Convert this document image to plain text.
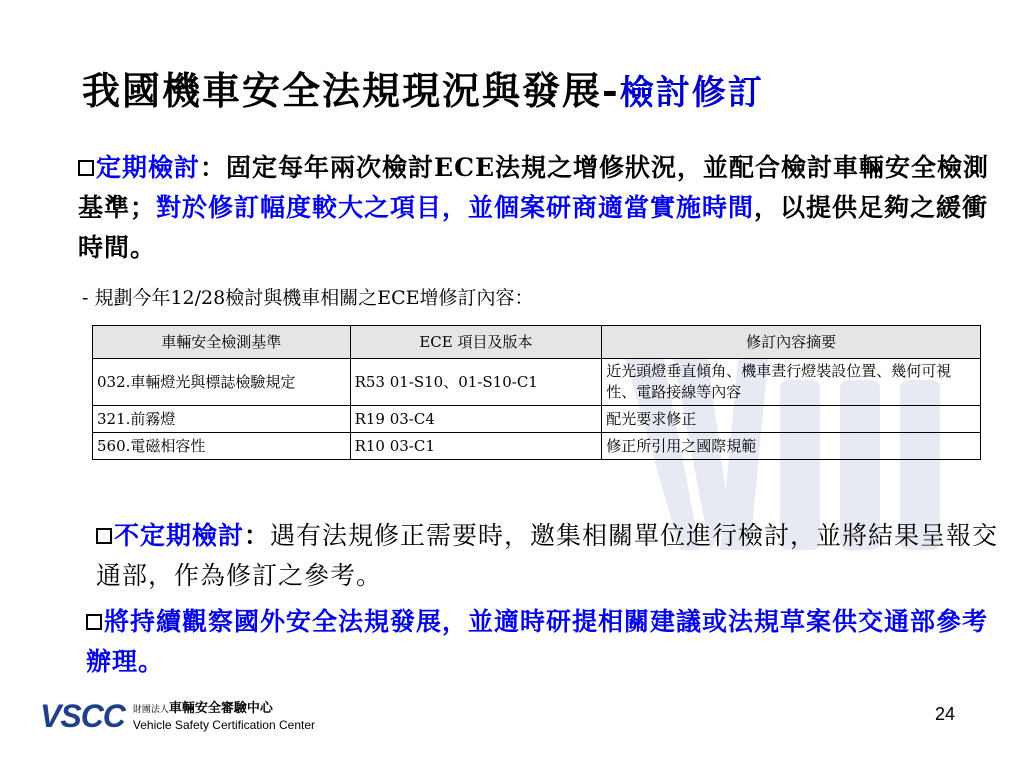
我國機車安全法規現況與發展-檢討修訂
定期檢討：固定每年兩次檢討ECE法規之增修狀況，並配合檢討車輛安全檢測基準；對於修訂幅度較大之項目，並個案研商適當實施時間，以提供足夠之緩衝時間。
- 規劃今年12/28檢討與機車相關之ECE增修訂內容：
車輛安全檢測基準	ECE 項目及版本	修訂內容摘要
032.車輛燈光與標誌檢驗規定	R53 01-S10、01-S10-C1	近光頭燈垂直傾角、機車晝行燈裝設位置、幾何可視性、電路接線等內容
321.前霧燈	R19 03-C4	配光要求修正
560.電磁相容性	R10 03-C1	修正所引用之國際規範
不定期檢討：遇有法規修正需要時，邀集相關單位進行檢討，並將結果呈報交通部，作為修訂之參考。
將持續觀察國外安全法規發展，並適時研提相關建議或法規草案供交通部參考辦理。
VSCC 財團法人車輛安全審驗中心
Vehicle Safety Certification Center
24
